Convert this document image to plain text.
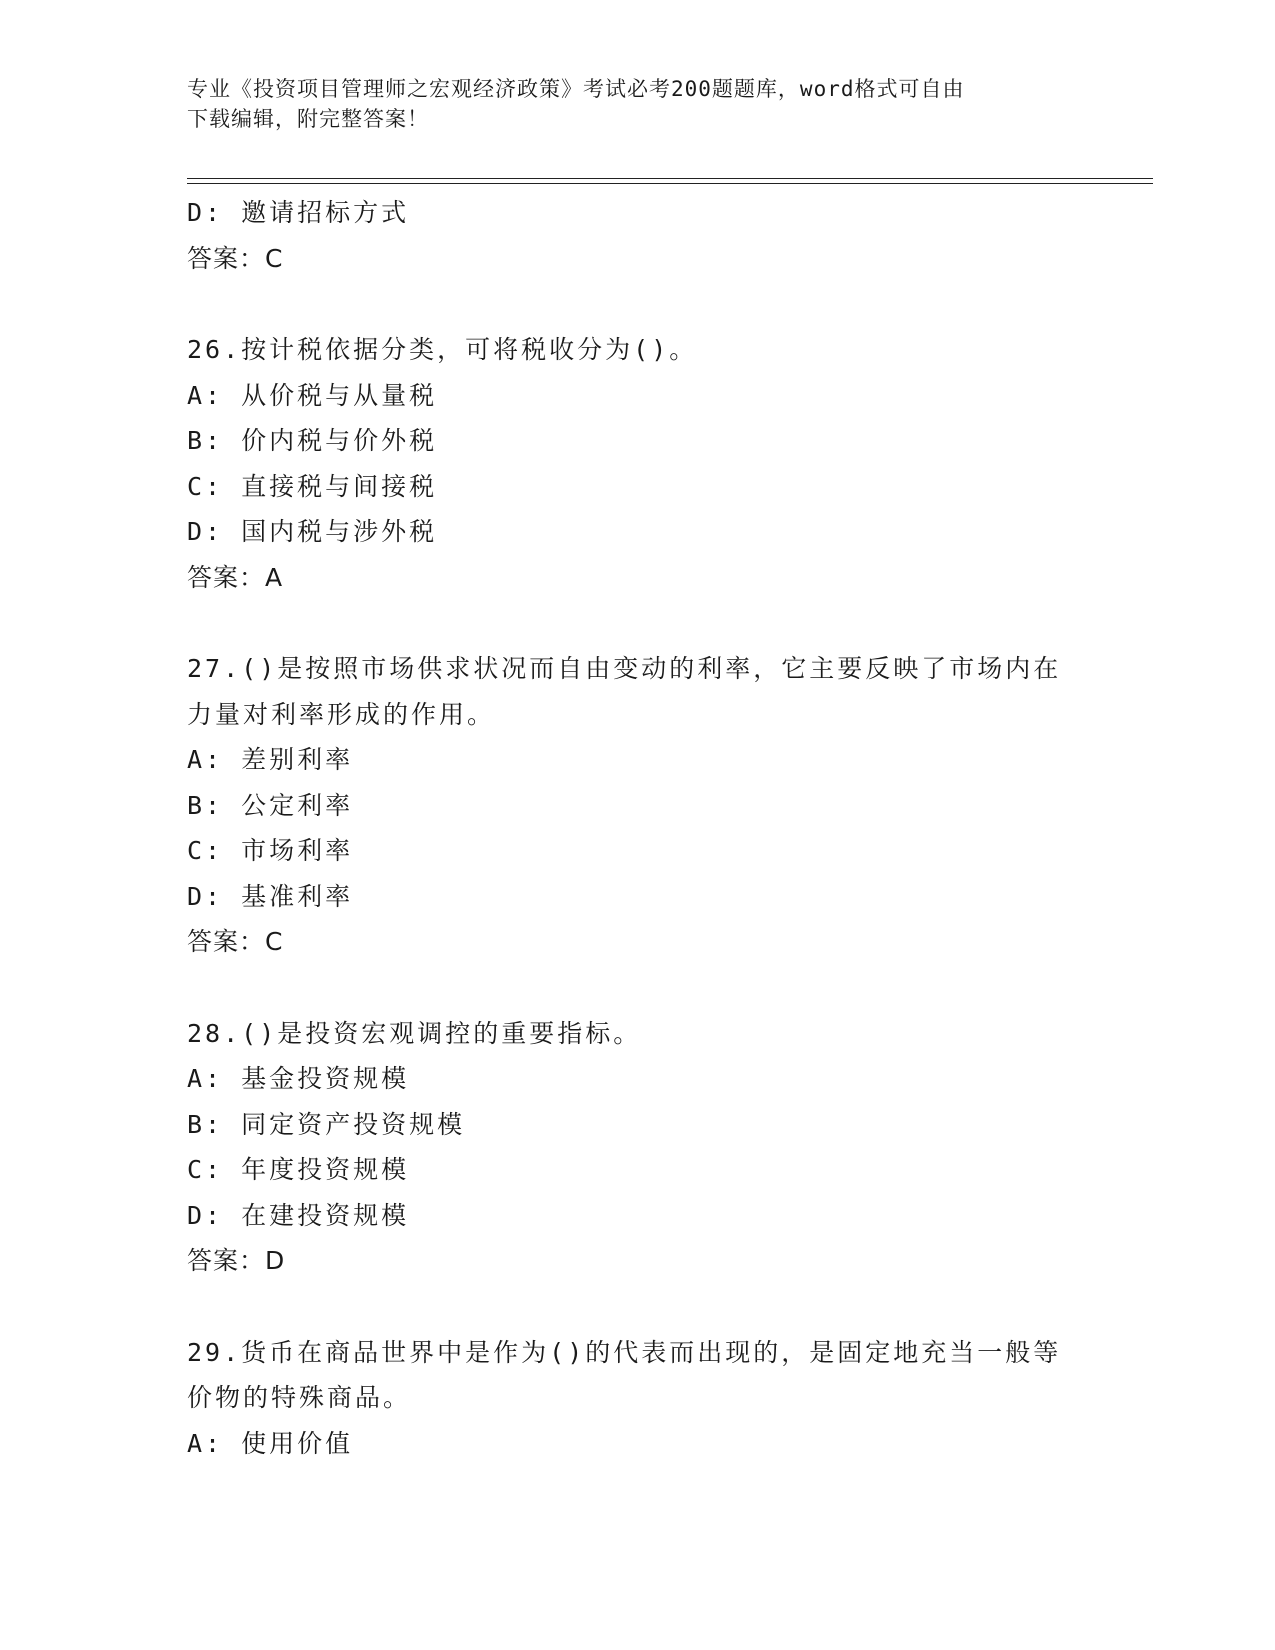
专业《投资项目管理师之宏观经济政策》考试必考200题题库，word格式可自由
下载编辑，附完整答案！
D: 邀请招标方式
答案：C
26.按计税依据分类，可将税收分为()。
A: 从价税与从量税
B: 价内税与价外税
C: 直接税与间接税
D: 国内税与涉外税
答案：A
27.()是按照市场供求状况而自由变动的利率，它主要反映了市场内在
力量对利率形成的作用。
A: 差别利率
B: 公定利率
C: 市场利率
D: 基准利率
答案：C
28.()是投资宏观调控的重要指标。
A: 基金投资规模
B: 同定资产投资规模
C: 年度投资规模
D: 在建投资规模
答案：D
29.货币在商品世界中是作为()的代表而出现的，是固定地充当一般等
价物的特殊商品。
A: 使用价值
